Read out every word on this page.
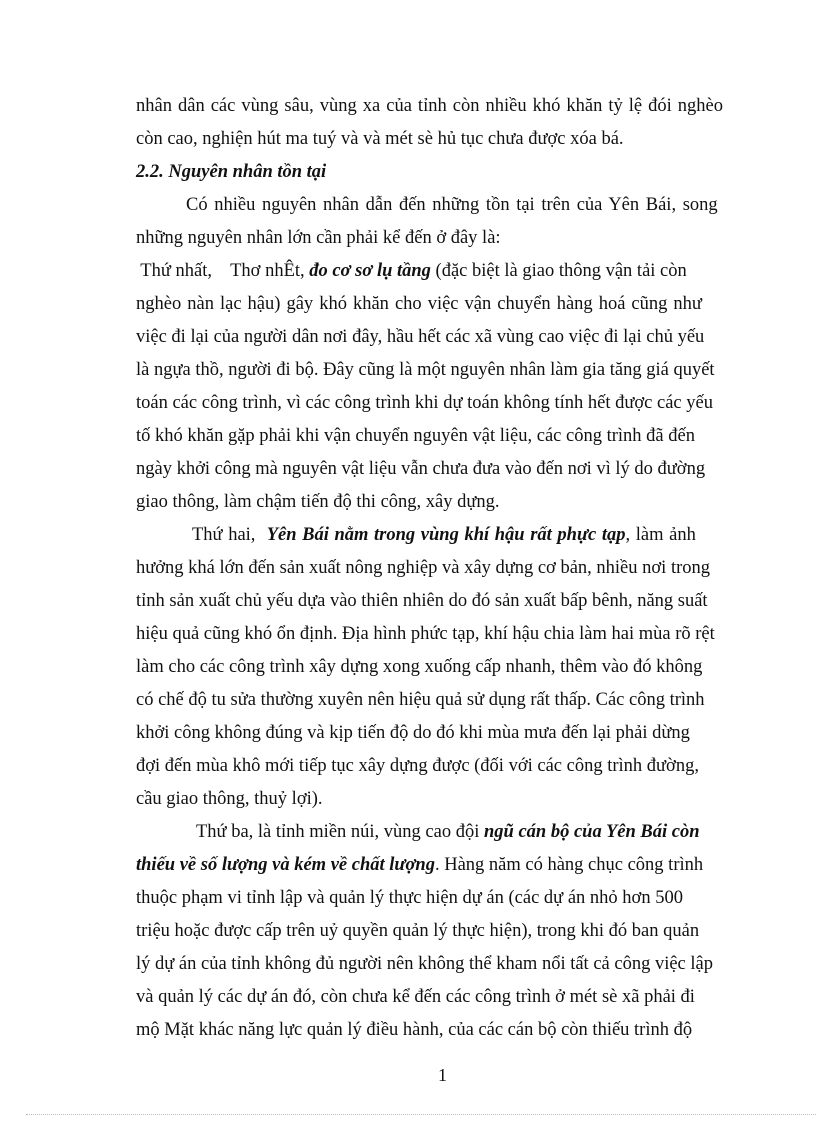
nhân dân các vùng sâu, vùng xa của tỉnh còn nhiều khó khăn tỷ lệ đói nghèo
còn cao, nghiện hút ma tuý và và mét sè hủ tục chưa được xóa bá.
2.2. Nguyên nhân tồn tại
Có nhiều nguyên nhân dẫn đến những tồn tại trên của Yên Bái, song
những nguyên nhân lớn cần phải kể đến ở đây là:
Thứ nhất,    Thơ nhÊt, đo cơ sơ lụ tầng (đặc biệt là giao thông vận tải còn
nghèo nàn lạc hậu) gây khó khăn cho việc vận chuyển hàng hoá cũng như
việc đi lại của người dân nơi đây, hầu hết các xã vùng cao việc đi lại chủ yếu
là ngựa thồ, người đi bộ. Đây cũng là một nguyên nhân làm gia tăng giá quyết
toán các công trình, vì các công trình khi dự toán không tính hết được các yếu
tố khó khăn gặp phải khi vận chuyển nguyên vật liệu, các công trình đã đến
ngày khởi công mà nguyên vật liệu vẫn chưa đưa vào đến nơi vì lý do đường
giao thông, làm chậm tiến độ thi công, xây dựng.
Thứ hai,  Yên Bái nằm trong vùng khí hậu rất phực tạp, làm ảnh
hưởng khá lớn đến sản xuất nông nghiệp và xây dựng cơ bản, nhiều nơi trong
tỉnh sản xuất chủ yếu dựa vào thiên nhiên do đó sản xuất bấp bênh, năng suất
hiệu quả cũng khó ổn định. Địa hình phức tạp, khí hậu chia làm hai mùa rõ rệt
làm cho các công trình xây dựng xong xuống cấp nhanh, thêm vào đó không
có chế độ tu sửa thường xuyên nên hiệu quả sử dụng rất thấp. Các công trình
khởi công không đúng và kịp tiến độ do đó khi mùa mưa đến lại phải dừng
đợi đến mùa khô mới tiếp tục xây dựng được (đối với các công trình đường,
cầu giao thông, thuỷ lợi).
Thứ ba, là tỉnh miền núi, vùng cao đội ngũ cán bộ của Yên Bái còn
thiếu về số lượng và kém về chất lượng. Hàng năm có hàng chục công trình
thuộc phạm vi tỉnh lập và quản lý thực hiện dự án (các dự án nhỏ hơn 500
triệu hoặc được cấp trên uỷ quyền quản lý thực hiện), trong khi đó ban quản
lý dự án của tỉnh không đủ người nên không thể kham nổi tất cả công việc lập
và quản lý các dự án đó, còn chưa kể đến các công trình ở mét sè xã phải đi
mộ Mặt khác năng lực quản lý điều hành, của các cán bộ còn thiếu trình độ
1
